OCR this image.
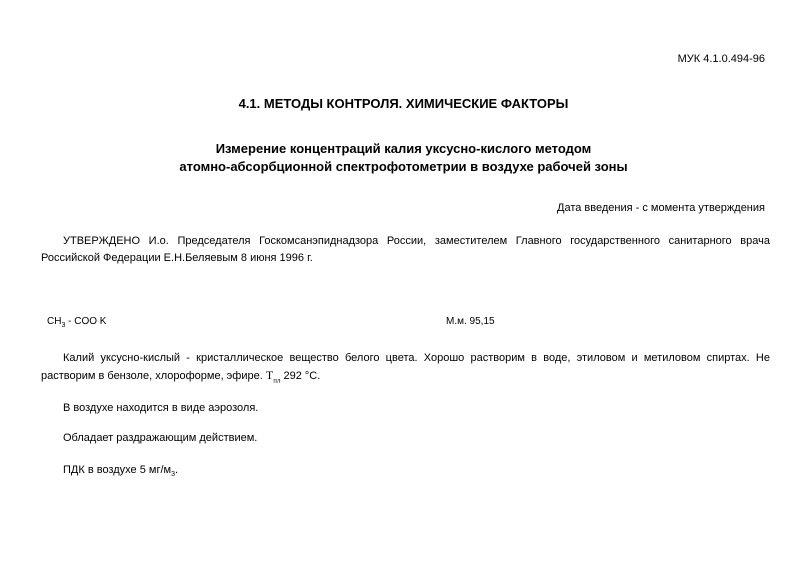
МУК 4.1.0.494-96
4.1. МЕТОДЫ КОНТРОЛЯ. ХИМИЧЕСКИЕ ФАКТОРЫ
Измерение концентраций калия уксусно-кислого методом
атомно-абсорбционной спектрофотометрии в воздухе рабочей зоны
Дата введения - с момента утверждения
УТВЕРЖДЕНО И.о. Председателя Госкомсанэпиднадзора России, заместителем Главного государственного санитарного врача Российской Федерации Е.Н.Беляевым 8 июня 1996 г.
$CH_3$ - COO K	М.м. 95,15
Калий уксусно-кислый - кристаллическое вещество белого цвета. Хорошо растворим в воде, этиловом и метиловом спиртах. Не растворим в бензоле, хлороформе, эфире. $T_{пл}$ 292 °С.
В воздухе находится в виде аэрозоля.
Обладает раздражающим действием.
ПДК в воздухе 5 $мг/м_3$.
